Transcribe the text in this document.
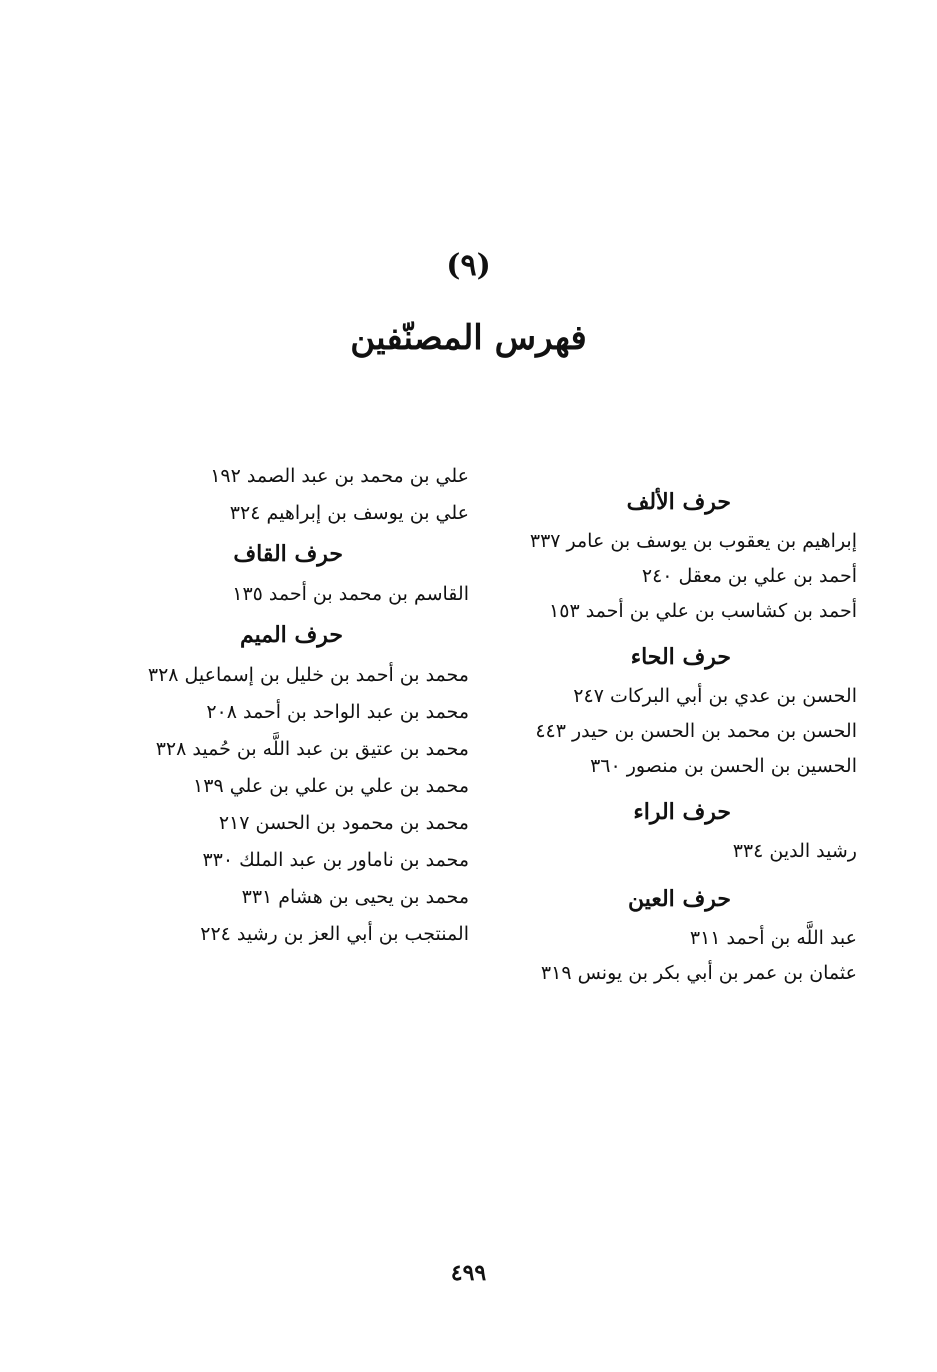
(٩)
فهرس المصنّفين
حرف الألف
إبراهيم بن يعقوب بن يوسف بن عامر ٣٣٧
أحمد بن علي بن معقل ٢٤٠
أحمد بن كشاسب بن علي بن أحمد ١٥٣
حرف الحاء
الحسن بن عدي بن أبي البركات ٢٤٧
الحسن بن محمد بن الحسن بن حيدر ٤٤٣
الحسين بن الحسن بن منصور ٣٦٠
حرف الراء
رشيد الدين ٣٣٤
حرف العين
عبد اللَّه بن أحمد ٣١١
عثمان بن عمر بن أبي بكر بن يونس ٣١٩
علي بن محمد بن عبد الصمد ١٩٢
علي بن يوسف بن إبراهيم ٣٢٤
حرف القاف
القاسم بن محمد بن أحمد ١٣٥
حرف الميم
محمد بن أحمد بن خليل بن إسماعيل ٣٢٨
محمد بن عبد الواحد بن أحمد ٢٠٨
محمد بن عتيق بن عبد اللَّه بن حُميد ٣٢٨
محمد بن علي بن علي بن علي ١٣٩
محمد بن محمود بن الحسن ٢١٧
محمد بن ناماور بن عبد الملك ٣٣٠
محمد بن يحيى بن هشام ٣٣١
المنتجب بن أبي العز بن رشيد ٢٢٤
٤٩٩
